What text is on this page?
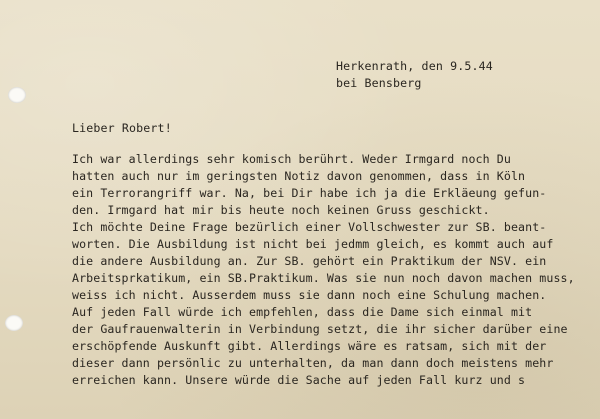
Herkenrath, den 9.5.44
bei Bensberg
Lieber Robert!
Ich war allerdings sehr komisch berührt. Weder Irmgard noch Du
hatten auch nur im geringsten Notiz davon genommen, dass in Köln
ein Terrorangriff war. Na, bei Dir habe ich ja die Erkläeung gefun-
den. Irmgard hat mir bis heute noch keinen Gruss geschickt.
Ich möchte Deine Frage bezürlich einer Vollschwester zur SB. beant-
worten. Die Ausbildung ist nicht bei jedmm gleich, es kommt auch auf
die andere Ausbildung an. Zur SB. gehört ein Praktikum der NSV. ein
Arbeitsprkatikum, ein SB.Praktikum. Was sie nun noch davon machen muss,
weiss ich nicht. Ausserdem muss sie dann noch eine Schulung machen.
Auf jeden Fall würde ich empfehlen, dass die Dame sich einmal mit
der Gaufrauenwalterin in Verbindung setzt, die ihr sicher darüber eine
erschöpfende Auskunft gibt. Allerdings wäre es ratsam, sich mit der
dieser dann persönlic zu unterhalten, da man dann doch meistens mehr
erreichen kann. Unsere würde die Sache auf jeden Fall kurz und s
